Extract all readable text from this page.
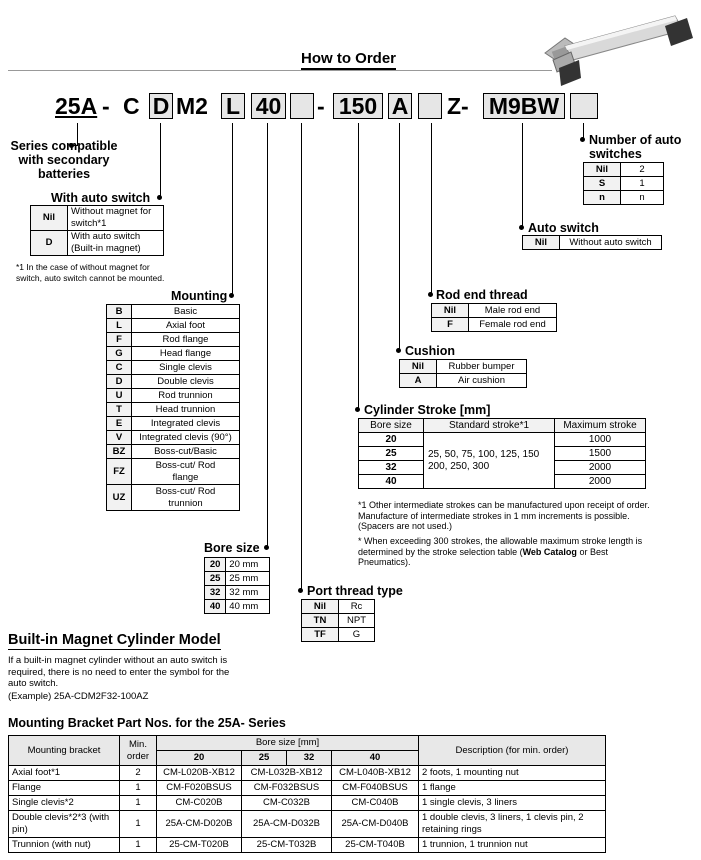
How to Order
25A - C D M2 L 40 - 150 A Z- M9BW
Series compatible with secondary batteries
With auto switch
Nil	Without magnet for switch*1
D	With auto switch (Built-in magnet)
*1 In the case of without magnet for switch, auto switch cannot be mounted.
Mounting
B	Basic
L	Axial foot
F	Rod flange
G	Head flange
C	Single clevis
D	Double clevis
U	Rod trunnion
T	Head trunnion
E	Integrated clevis
V	Integrated clevis (90°)
BZ	Boss-cut/Basic
FZ	Boss-cut/ Rod flange
UZ	Boss-cut/ Rod trunnion
Bore size
20	20 mm
25	25 mm
32	32 mm
40	40 mm
Port thread type
Nil	Rc
TN	NPT
TF	G
Number of auto switches
Nil	2
S	1
n	n
Auto switch
Nil	Without auto switch
Rod end thread
Nil	Male rod end
F	Female rod end
Cushion
Nil	Rubber bumper
A	Air cushion
Cylinder Stroke [mm]
Bore size	Standard stroke*1	Maximum stroke
20	25, 50, 75, 100, 125, 150 200, 250, 300	1000
25		1500
32		2000
40		2000
*1 Other intermediate strokes can be manufactured upon receipt of order. Manufacture of intermediate strokes in 1 mm increments is possible. (Spacers are not used.)
* When exceeding 300 strokes, the allowable maximum stroke length is determined by the stroke selection table (Web Catalog or Best Pneumatics).
Built-in Magnet Cylinder Model
If a built-in magnet cylinder without an auto switch is required, there is no need to enter the symbol for the auto switch.
(Example) 25A-CDM2F32-100AZ
Mounting Bracket Part Nos. for the 25A- Series
Mounting bracket	Min. order	Bore size [mm]				Description (for min. order)
		20	25	32	40	
Axial foot*1	2	CM-L020B-XB12	CM-L032B-XB12		CM-L040B-XB12	2 foots, 1 mounting nut
Flange	1	CM-F020BSUS	CM-F032BSUS		CM-F040BSUS	1 flange
Single clevis*2	1	CM-C020B	CM-C032B		CM-C040B	1 single clevis, 3 liners
Double clevis*2*3 (with pin)	1	25A-CM-D020B	25A-CM-D032B		25A-CM-D040B	1 double clevis, 3 liners, 1 clevis pin, 2 retaining rings
Trunnion (with nut)	1	25-CM-T020B	25-CM-T032B		25-CM-T040B	1 trunnion, 1 trunnion nut
